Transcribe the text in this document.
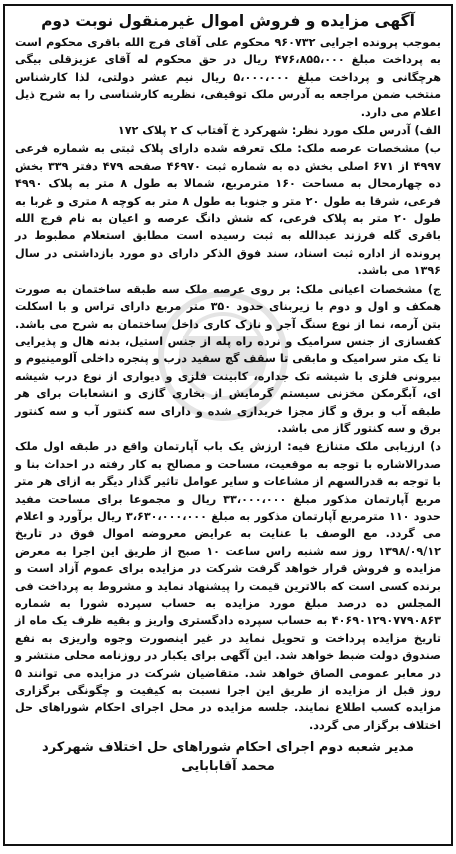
آگهی مزایده و فروش اموال غیرمنقول نوبت دوم

بموجب پرونده اجرایی ۹۶۰۷۳۲ محکوم علی آقای فرج الله باقری محکوم است به پرداخت مبلغ ۴۷۶،۸۵۵،۰۰۰ ریال در حق محکوم له آقای عزیزقلی بیگی هرچگانی و پرداخت مبلغ ۵،۰۰۰،۰۰۰ ریال نیم عشر دولتی، لذا کارشناس منتخب ضمن مراجعه به آدرس ملک توقیفی، نظریه کارشناسی را به شرح ذیل اعلام می دارد.

الف) آدرس ملک مورد نظر: شهرکرد خ آفتاب ک ۲ پلاک ۱۷۲

ب) مشخصات عرصه ملک: ملک تعرفه شده دارای پلاک ثبتی به شماره فرعی ۴۹۹۷ از ۶۷۱ اصلی بخش ده به شماره ثبت ۴۶۹۷۰ صفحه ۴۷۹ دفتر ۳۳۹ بخش ده چهارمحال به مساحت ۱۶۰ مترمربع، شمالا به طول ۸ متر به پلاک ۴۹۹۰ فرعی، شرقا به طول ۲۰ متر و جنوبا به طول ۸ متر به کوچه ۸ متری و غربا به طول ۲۰ متر به پلاک فرعی، که شش دانگ عرصه و اعیان به نام فرج الله باقری گله فرزند عبدالله به ثبت رسیده است مطابق استعلام مطبوط در پرونده از اداره ثبت اسناد، سند فوق الذکر دارای دو مورد بازداشتی در سال ۱۳۹۶ می باشد.

ج) مشخصات اعیانی ملک: بر روی عرصه ملک سه طبقه ساختمان به صورت همکف و اول و دوم با زیربنای حدود ۳۵۰ متر مربع دارای تراس و با اسکلت بتن آرمه، نما از نوع سنگ آجر و نازک کاری داخل ساختمان به شرح می باشد. کفسازی از جنس سرامیک و نرده راه پله از جنس استیل، بدنه هال و پذیرایی تا یک متر سرامیک و مابقی تا سقف گچ سفید درب و پنجره داخلی آلومینیوم و بیرونی فلزی با شیشه تک جداره، کابینت فلزی و دیواری از نوع درب شیشه ای، آبگرمکن مخزنی سیستم گرمایش از بخاری گازی و انشعابات برای هر طبقه آب و برق و گاز مجزا خریداری شده و دارای سه کنتور آب و سه کنتور برق و سه کنتور گاز می باشد.

د) ارزیابی ملک متنازع فیه: ارزش یک باب آپارتمان واقع در طبقه اول ملک صدرالاشاره با توجه به موقعیت، مساحت و مصالح به کار رفته در احداث بنا و با توجه به قدرالسهم از مشاعات و سایر عوامل تاثیر گذار دیگر به ازای هر متر مربع آپارتمان مذکور مبلغ ۳۳،۰۰۰،۰۰۰ ریال و مجموعا برای مساحت مفید حدود ۱۱۰ مترمربع آپارتمان مذکور به مبلغ ۳،۶۳۰،۰۰۰،۰۰۰ ریال برآورد و اعلام می گردد. مع الوصف با عنایت به عرایض معروضه اموال فوق در تاریخ ۱۳۹۸/۰۹/۱۲ روز سه شنبه راس ساعت ۱۰ صبح از طریق این اجرا به معرض مزایده و فروش قرار خواهد گرفت شرکت در مزایده برای عموم آزاد است و برنده کسی است که بالاترین قیمت را پیشنهاد نماید و مشروط به پرداخت فی المجلس ده درصد مبلغ مورد مزایده به حساب سپرده شورا به شماره ۴۰۶۹۰۱۲۹۰۷۷۹۰۸۶۳ به حساب سپرده دادگستری واریز و بقیه ظرف یک ماه از تاریخ مزایده پرداخت و تحویل نماید در غیر اینصورت وجوه واریزی به نفع صندوق دولت ضبط خواهد شد. این آگهی برای یکبار در روزنامه محلی منتشر و در معابر عمومی الصاق خواهد شد. متقاضیان شرکت در مزایده می توانند ۵ روز قبل از مزایده از طریق این اجرا نسبت به کیفیت و چگونگی برگزاری مزایده کسب اطلاع نمایند. جلسه مزایده در محل اجرای احکام شوراهای حل اختلاف برگزار می گردد.

مدیر شعبه دوم اجرای احکام شوراهای حل اختلاف شهرکرد
محمد آقابابایی
